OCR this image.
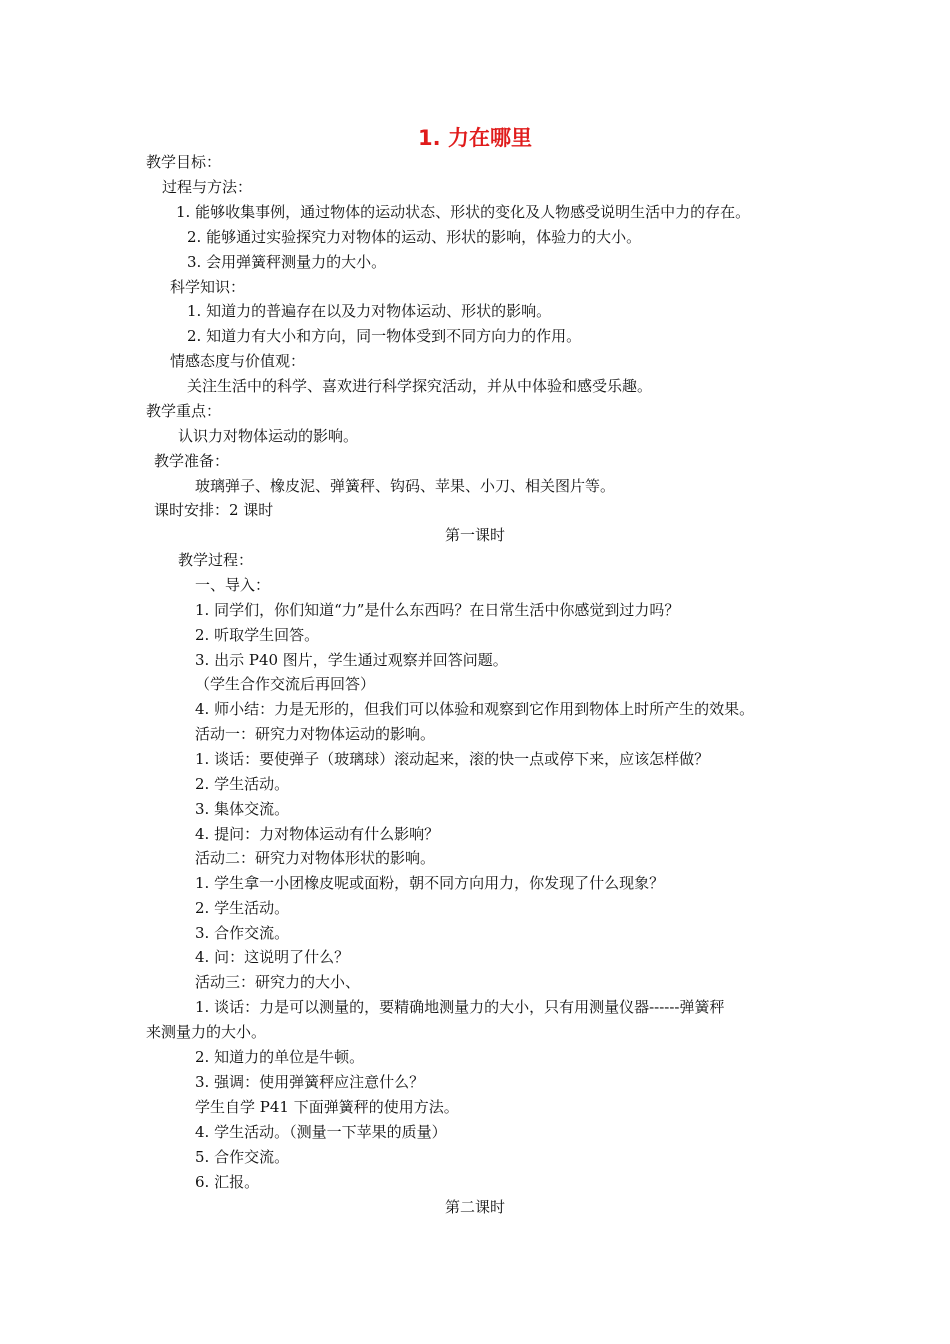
1. 力在哪里
教学目标：
过程与方法：
1. 能够收集事例，通过物体的运动状态、形状的变化及人物感受说明生活中力的存在。
2. 能够通过实验探究力对物体的运动、形状的影响，体验力的大小。
3. 会用弹簧秤测量力的大小。
科学知识：
1. 知道力的普遍存在以及力对物体运动、形状的影响。
2. 知道力有大小和方向，同一物体受到不同方向力的作用。
情感态度与价值观：
关注生活中的科学、喜欢进行科学探究活动，并从中体验和感受乐趣。
教学重点：
认识力对物体运动的影响。
教学准备：
玻璃弹子、橡皮泥、弹簧秤、钩码、苹果、小刀、相关图片等。
课时安排：2 课时
第一课时
教学过程：
一、导入：
1. 同学们，你们知道“力”是什么东西吗？在日常生活中你感觉到过力吗？
2. 听取学生回答。
3. 出示 P40 图片，学生通过观察并回答问题。
（学生合作交流后再回答）
4. 师小结：力是无形的，但我们可以体验和观察到它作用到物体上时所产生的效果。
活动一：研究力对物体运动的影响。
1. 谈话：要使弹子（玻璃球）滚动起来，滚的快一点或停下来，应该怎样做？
2. 学生活动。
3. 集体交流。
4. 提问：力对物体运动有什么影响？
活动二：研究力对物体形状的影响。
1. 学生拿一小团橡皮呢或面粉，朝不同方向用力，你发现了什么现象？
2. 学生活动。
3. 合作交流。
4. 问：这说明了什么？
活动三：研究力的大小、
1. 谈话：力是可以测量的，要精确地测量力的大小，只有用测量仪器------弹簧秤
来测量力的大小。
2. 知道力的单位是牛顿。
3. 强调：使用弹簧秤应注意什么？
学生自学 P41 下面弹簧秤的使用方法。
4. 学生活动。（测量一下苹果的质量）
5. 合作交流。
6. 汇报。
第二课时
